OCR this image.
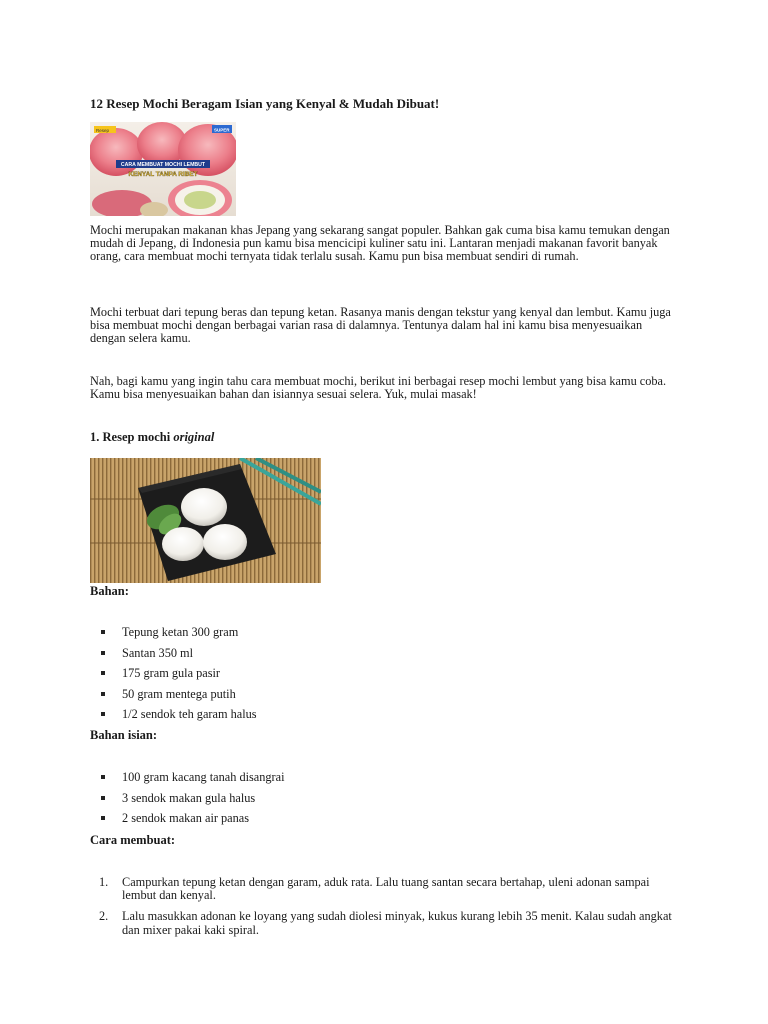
12 Resep Mochi Beragam Isian yang Kenyal & Mudah Dibuat!
Resep	SUPER
CARA MEMBUAT MOCHI LEMBUT
KENYAL TANPA RIBET

Mochi merupakan makanan khas Jepang yang sekarang sangat populer. Bahkan gak cuma bisa kamu temukan dengan mudah di Jepang, di Indonesia pun kamu bisa mencicipi kuliner satu ini. Lantaran menjadi makanan favorit banyak orang, cara membuat mochi ternyata tidak terlalu susah. Kamu pun bisa membuat sendiri di rumah.

Mochi terbuat dari tepung beras dan tepung ketan. Rasanya manis dengan tekstur yang kenyal dan lembut. Kamu juga bisa membuat mochi dengan berbagai varian rasa di dalamnya. Tentunya dalam hal ini kamu bisa menyesuaikan dengan selera kamu.

Nah, bagi kamu yang ingin tahu cara membuat mochi, berikut ini berbagai resep mochi lembut yang bisa kamu coba. Kamu bisa menyesuaikan bahan dan isiannya sesuai selera. Yuk, mulai masak!

1. Resep mochi original
Bahan:
Tepung ketan 300 gram
Santan 350 ml
175 gram gula pasir
50 gram mentega putih
1/2 sendok teh garam halus
Bahan isian:
100 gram kacang tanah disangrai
3 sendok makan gula halus
2 sendok makan air panas
Cara membuat:
1. Campurkan tepung ketan dengan garam, aduk rata. Lalu tuang santan secara bertahap, uleni adonan sampai lembut dan kenyal.
2. Lalu masukkan adonan ke loyang yang sudah diolesi minyak, kukus kurang lebih 35 menit. Kalau sudah angkat dan mixer pakai kaki spiral.
